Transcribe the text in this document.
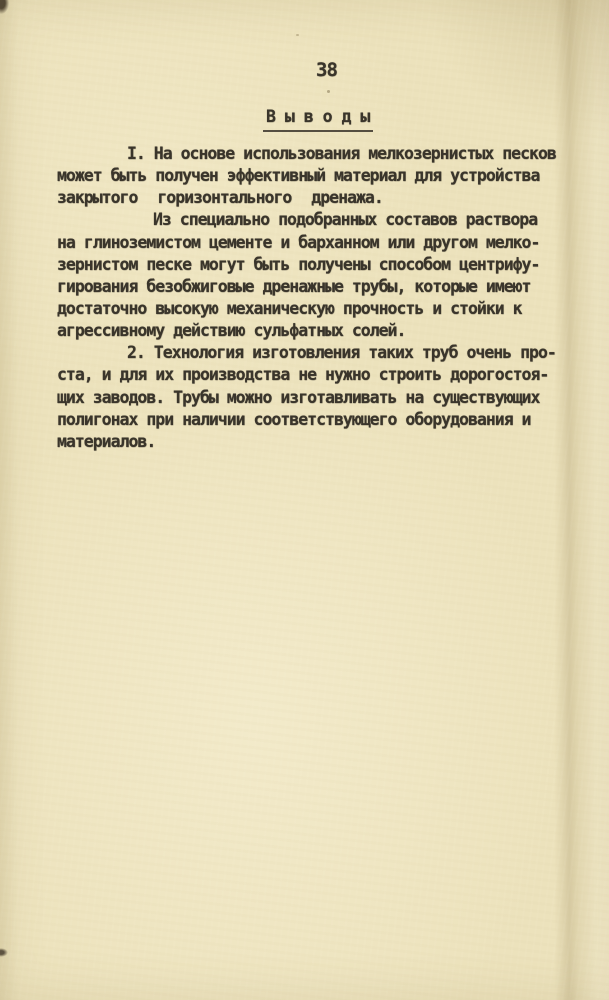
38
В ы в о д ы
I. На основе использования мелкозернистых песков
может быть получен эффективный материал для устройства
закрытого горизонтального дренажа.
Из специально подобранных составов раствора
на глиноземистом цементе и барханном или другом мелко-
зернистом песке могут быть получены способом центрифу-
гирования безобжиговые дренажные трубы, которые имеют
достаточно высокую механическую прочность и стойки к
агрессивному действию сульфатных солей.
2. Технология изготовления таких труб очень про-
ста, и для их производства не нужно строить дорогостоя-
щих заводов. Трубы можно изготавливать на существующих
полигонах при наличии соответствующего оборудования и
материалов.
